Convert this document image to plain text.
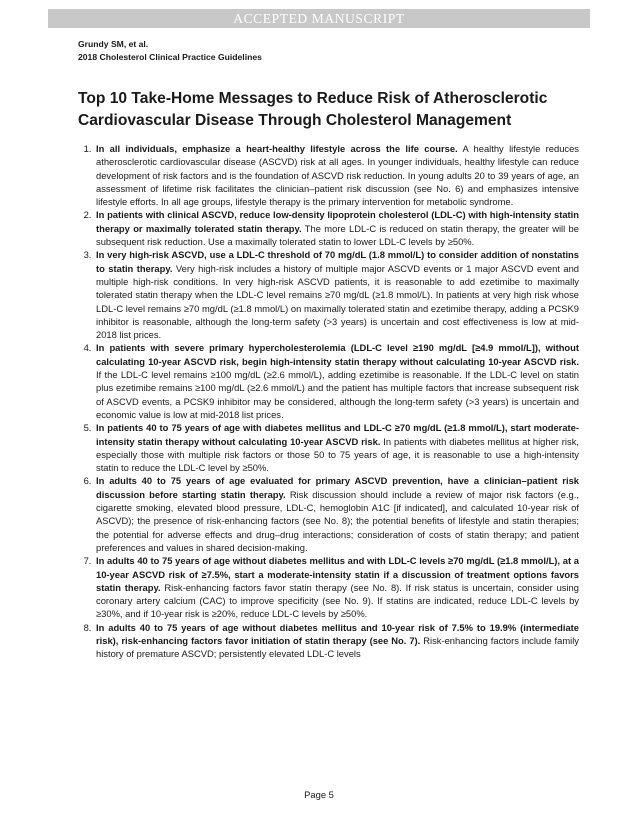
ACCEPTED MANUSCRIPT
Grundy SM, et al.
2018 Cholesterol Clinical Practice Guidelines
Top 10 Take-Home Messages to Reduce Risk of Atherosclerotic Cardiovascular Disease Through Cholesterol Management
1. In all individuals, emphasize a heart-healthy lifestyle across the life course. A healthy lifestyle reduces atherosclerotic cardiovascular disease (ASCVD) risk at all ages. In younger individuals, healthy lifestyle can reduce development of risk factors and is the foundation of ASCVD risk reduction. In young adults 20 to 39 years of age, an assessment of lifetime risk facilitates the clinician–patient risk discussion (see No. 6) and emphasizes intensive lifestyle efforts. In all age groups, lifestyle therapy is the primary intervention for metabolic syndrome.
2. In patients with clinical ASCVD, reduce low-density lipoprotein cholesterol (LDL-C) with high-intensity statin therapy or maximally tolerated statin therapy. The more LDL-C is reduced on statin therapy, the greater will be subsequent risk reduction. Use a maximally tolerated statin to lower LDL-C levels by ≥50%.
3. In very high-risk ASCVD, use a LDL-C threshold of 70 mg/dL (1.8 mmol/L) to consider addition of nonstatins to statin therapy. Very high-risk includes a history of multiple major ASCVD events or 1 major ASCVD event and multiple high-risk conditions. In very high-risk ASCVD patients, it is reasonable to add ezetimibe to maximally tolerated statin therapy when the LDL-C level remains ≥70 mg/dL (≥1.8 mmol/L). In patients at very high risk whose LDL-C level remains ≥70 mg/dL (≥1.8 mmol/L) on maximally tolerated statin and ezetimibe therapy, adding a PCSK9 inhibitor is reasonable, although the long-term safety (>3 years) is uncertain and cost effectiveness is low at mid-2018 list prices.
4. In patients with severe primary hypercholesterolemia (LDL-C level ≥190 mg/dL [≥4.9 mmol/L]), without calculating 10-year ASCVD risk, begin high-intensity statin therapy without calculating 10-year ASCVD risk. If the LDL-C level remains ≥100 mg/dL (≥2.6 mmol/L), adding ezetimibe is reasonable. If the LDL-C level on statin plus ezetimibe remains ≥100 mg/dL (≥2.6 mmol/L) and the patient has multiple factors that increase subsequent risk of ASCVD events, a PCSK9 inhibitor may be considered, although the long-term safety (>3 years) is uncertain and economic value is low at mid-2018 list prices.
5. In patients 40 to 75 years of age with diabetes mellitus and LDL-C ≥70 mg/dL (≥1.8 mmol/L), start moderate-intensity statin therapy without calculating 10-year ASCVD risk. In patients with diabetes mellitus at higher risk, especially those with multiple risk factors or those 50 to 75 years of age, it is reasonable to use a high-intensity statin to reduce the LDL-C level by ≥50%.
6. In adults 40 to 75 years of age evaluated for primary ASCVD prevention, have a clinician–patient risk discussion before starting statin therapy. Risk discussion should include a review of major risk factors (e.g., cigarette smoking, elevated blood pressure, LDL-C, hemoglobin A1C [if indicated], and calculated 10-year risk of ASCVD); the presence of risk-enhancing factors (see No. 8); the potential benefits of lifestyle and statin therapies; the potential for adverse effects and drug–drug interactions; consideration of costs of statin therapy; and patient preferences and values in shared decision-making.
7. In adults 40 to 75 years of age without diabetes mellitus and with LDL-C levels ≥70 mg/dL (≥1.8 mmol/L), at a 10-year ASCVD risk of ≥7.5%, start a moderate-intensity statin if a discussion of treatment options favors statin therapy. Risk-enhancing factors favor statin therapy (see No. 8). If risk status is uncertain, consider using coronary artery calcium (CAC) to improve specificity (see No. 9). If statins are indicated, reduce LDL-C levels by ≥30%, and if 10-year risk is ≥20%, reduce LDL-C levels by ≥50%.
8. In adults 40 to 75 years of age without diabetes mellitus and 10-year risk of 7.5% to 19.9% (intermediate risk), risk-enhancing factors favor initiation of statin therapy (see No. 7). Risk-enhancing factors include family history of premature ASCVD; persistently elevated LDL-C levels
Page 5
